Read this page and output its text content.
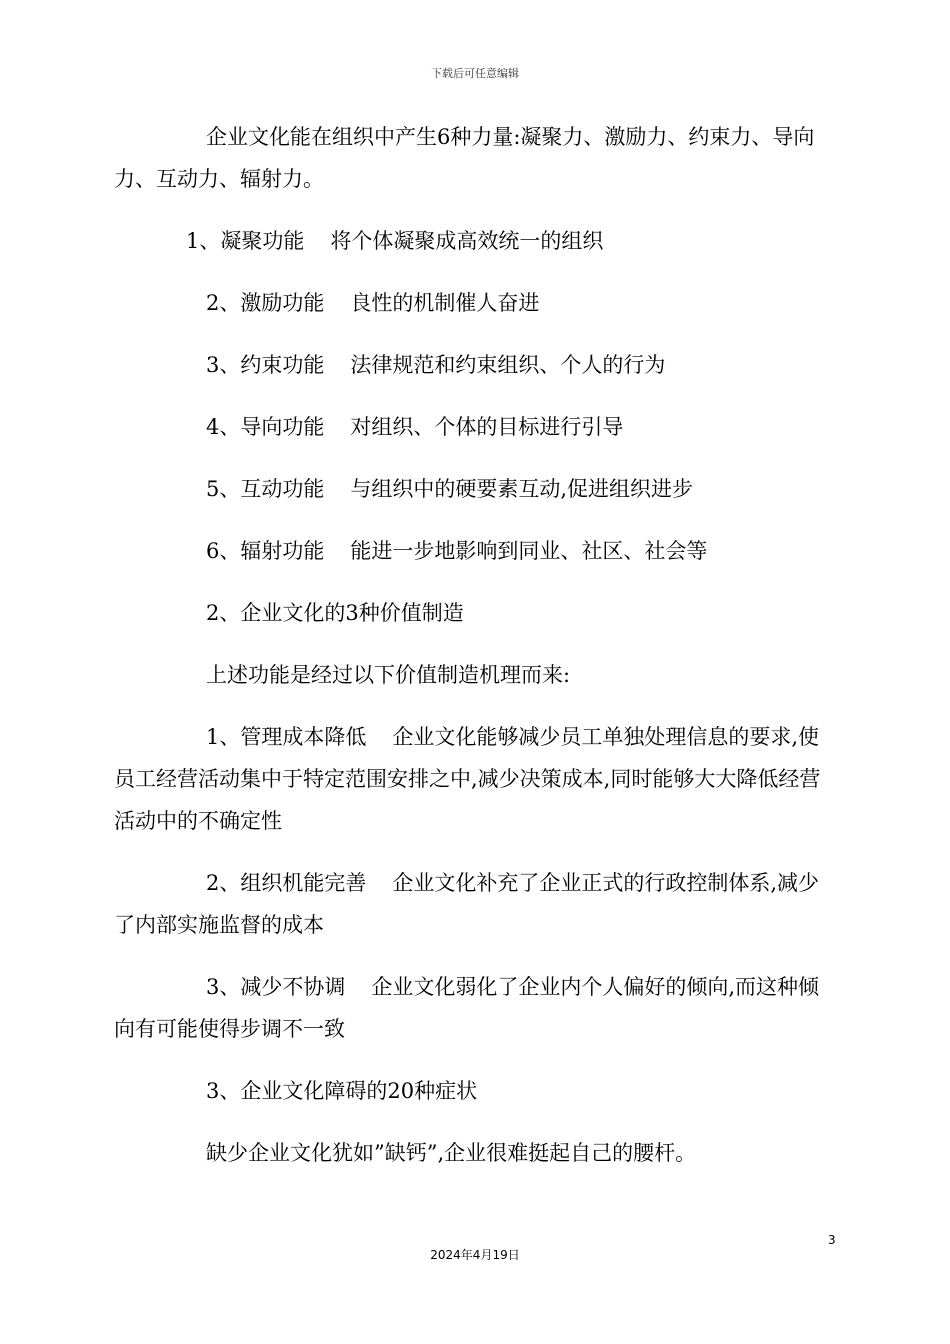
下载后可任意编辑

企业文化能在组织中产生6种力量:凝聚力、激励力、约束力、导向力、互动力、辐射力。

1、凝聚功能 将个体凝聚成高效统一的组织

2、激励功能 良性的机制催人奋进

3、约束功能 法律规范和约束组织、个人的行为

4、导向功能 对组织、个体的目标进行引导

5、互动功能 与组织中的硬要素互动,促进组织进步

6、辐射功能 能进一步地影响到同业、社区、社会等

2、企业文化的3种价值制造

上述功能是经过以下价值制造机理而来:

1、管理成本降低 企业文化能够减少员工单独处理信息的要求,使员工经营活动集中于特定范围安排之中,减少决策成本,同时能够大大降低经营活动中的不确定性

2、组织机能完善 企业文化补充了企业正式的行政控制体系,减少了内部实施监督的成本

3、减少不协调 企业文化弱化了企业内个人偏好的倾向,而这种倾向有可能使得步调不一致

3、企业文化障碍的20种症状

缺少企业文化犹如”缺钙”,企业很难挺起自己的腰杆。

3
2024年4月19日
